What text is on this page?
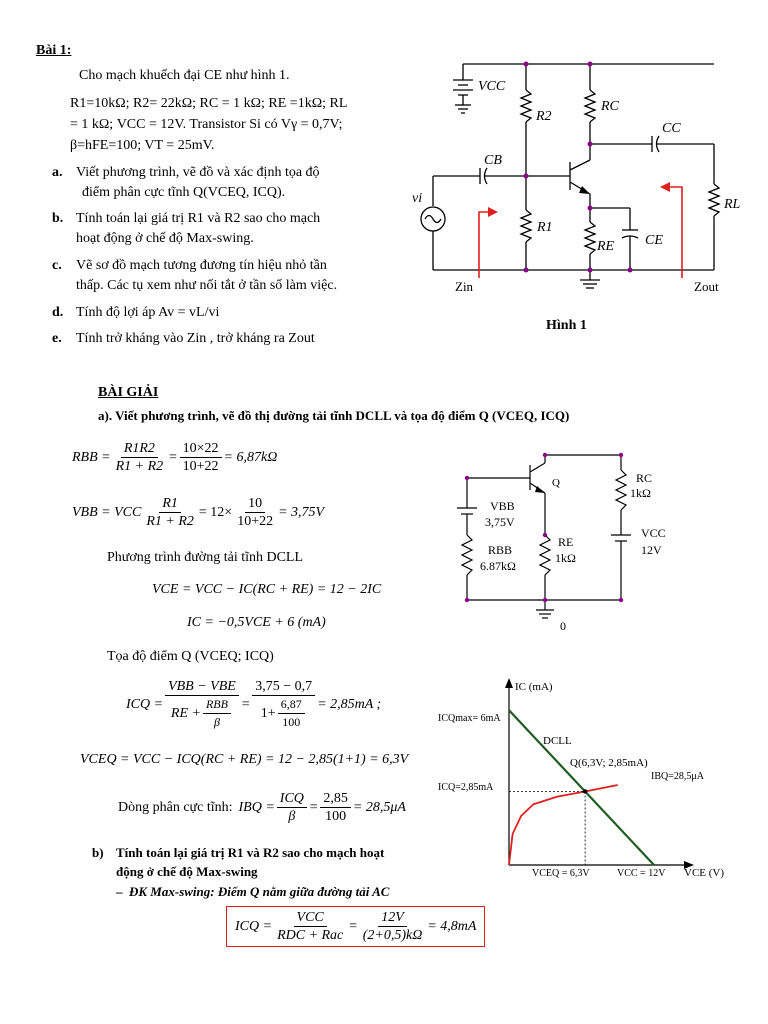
Bài 1:
Cho mạch khuếch đại CE như hình 1.
R1=10kΩ; R2= 22kΩ; RC = 1 kΩ; RE =1kΩ; RL
= 1 kΩ; VCC = 12V. Transistor Si có Vγ = 0,7V;
β=hFE=100; VT = 25mV.
a. Viết phương trình, vẽ đồ và xác định tọa độ
điểm phân cực tĩnh Q(VCEQ, ICQ).
b. Tính toán lại giá trị R1 và R2 sao cho mạch
hoạt động ở chế độ Max-swing.
c. Vẽ sơ đồ mạch tương đương tín hiệu nhỏ tần
thấp. Các tụ xem như nối tắt ở tần số làm việc.
d. Tính độ lợi áp Av = vL/vi
e. Tính trở kháng vào Zin , trở kháng ra Zout
VCC
R2
RC
CC
CB
vi
R1
RE CE
RL
Zin	Zout
Hình 1
BÀI GIẢI
a). Viết phương trình, vẽ đồ thị đường tải tĩnh DCLL và tọa độ điểm Q (VCEQ, ICQ)
RBB = $\frac{R1R2}{R1 + R2} = \frac{10\times 22}{10+22} = 6,87k\Omega$
VBB = VCC $\frac{R1}{R1 + R2} = 12\times \frac{10}{10+22} = 3,75V$
Phương trình đường tải tĩnh DCLL
VCE = VCC − IC(RC + RE) = 12 − 2IC
IC = −0,5VCE + 6 (mA)
Tọa độ điểm Q (VCEQ; ICQ)
ICQ = $\frac{\text{VBB − VBE}}{RE + \frac{\text{RBB}}{\beta}} = \frac{3,75 - 0,7}{1+ \frac{6,87}{100}} = 2,85mA$ ;
VCEQ = VCC − ICQ(RC + RE) = 12 − 2,85(1+1) = 6,3V
Dòng phân cực tĩnh: IBQ = $\frac{\text{ICQ}}{\beta} = \frac{2,85}{100} = 28,5\mu A$
b) Tính toán lại giá trị R1 và R2 sao cho mạch hoạt
động ở chế độ Max-swing
– ĐK Max-swing: Điểm Q nằm giữa đường tải AC
ICQ = $\frac{\text{VCC}}{\text{RDC + Rac}} = \frac{12V}{(2+0,5)k\Omega} = 4,8mA$
Q	RC
1kΩ
VBB
3,75V
RE
1kΩ
VCC
12V
RBB
6.87kΩ
0
IC (mA)
VCE (V)
ICQmax= 6mA
ICQ=2,85mA
DCLL
Q(6,3V; 2,85mA)
IBQ=28,5μA
VCEQ = 6,3V	VCC = 12V
